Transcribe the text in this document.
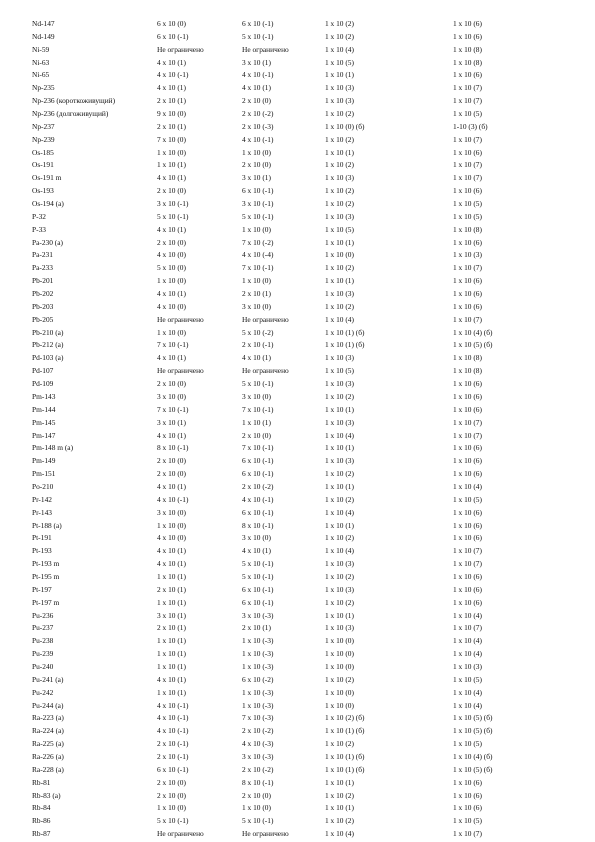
Nd-147	6 x 10 (0)	6 x 10 (-1)	1 x 10 (2)	1 x 10 (6)
Nd-149	6 x 10 (-1)	5 x 10 (-1)	1 x 10 (2)	1 x 10 (6)
Ni-59	Не ограничено	Не ограничено	1 x 10 (4)	1 x 10 (8)
Ni-63	4 x 10 (1)	3 x 10 (1)	1 x 10 (5)	1 x 10 (8)
Ni-65	4 x 10 (-1)	4 x 10 (-1)	1 x 10 (1)	1 x 10 (6)
Np-235	4 x 10 (1)	4 x 10 (1)	1 x 10 (3)	1 x 10 (7)
Np-236 (короткоживущий)	2 x 10 (1)	2 x 10 (0)	1 x 10 (3)	1 x 10 (7)
Np-236 (долгоживущий)	9 x 10 (0)	2 x 10 (-2)	1 x 10 (2)	1 x 10 (5)
Np-237	2 x 10 (1)	2 x 10 (-3)	1 x 10 (0) (б)	1-10 (3) (б)
Np-239	7 x 10 (0)	4 x 10 (-1)	1 x 10 (2)	1 x 10 (7)
Os-185	1 x 10 (0)	1 x 10 (0)	1 x 10 (1)	1 x 10 (6)
Os-191	1 x 10 (1)	2 x 10 (0)	1 x 10 (2)	1 x 10 (7)
Os-191 m	4 x 10 (1)	3 x 10 (1)	1 x 10 (3)	1 x 10 (7)
Os-193	2 x 10 (0)	6 x 10 (-1)	1 x 10 (2)	1 x 10 (6)
Os-194 (а)	3 x 10 (-1)	3 x 10 (-1)	1 x 10 (2)	1 x 10 (5)
P-32	5 x 10 (-1)	5 x 10 (-1)	1 x 10 (3)	1 x 10 (5)
P-33	4 x 10 (1)	1 x 10 (0)	1 x 10 (5)	1 x 10 (8)
Pa-230 (а)	2 x 10 (0)	7 x 10 (-2)	1 x 10 (1)	1 x 10 (6)
Pa-231	4 x 10 (0)	4 x 10 (-4)	1 x 10 (0)	1 x 10 (3)
Pa-233	5 x 10 (0)	7 x 10 (-1)	1 x 10 (2)	1 x 10 (7)
Pb-201	1 x 10 (0)	1 x 10 (0)	1 x 10 (1)	1 x 10 (6)
Pb-202	4 x 10 (1)	2 x 10 (1)	1 x 10 (3)	1 x 10 (6)
Pb-203	4 x 10 (0)	3 x 10 (0)	1 x 10 (2)	1 x 10 (6)
Pb-205	Не ограничено	Не ограничено	1 x 10 (4)	1 x 10 (7)
Pb-210 (а)	1 x 10 (0)	5 x 10 (-2)	1 x 10 (1) (б)	1 x 10 (4) (б)
Pb-212 (а)	7 x 10 (-1)	2 x 10 (-1)	1 x 10 (1) (б)	1 x 10 (5) (б)
Pd-103 (а)	4 x 10 (1)	4 x 10 (1)	1 x 10 (3)	1 x 10 (8)
Pd-107	Не ограничено	Не ограничено	1 x 10 (5)	1 x 10 (8)
Pd-109	2 x 10 (0)	5 x 10 (-1)	1 x 10 (3)	1 x 10 (6)
Pm-143	3 x 10 (0)	3 x 10 (0)	1 x 10 (2)	1 x 10 (6)
Pm-144	7 x 10 (-1)	7 x 10 (-1)	1 x 10 (1)	1 x 10 (6)
Pm-145	3 x 10 (1)	1 x 10 (1)	1 x 10 (3)	1 x 10 (7)
Pm-147	4 x 10 (1)	2 x 10 (0)	1 x 10 (4)	1 x 10 (7)
Pm-148 m (а)	8 x 10 (-1)	7 x 10 (-1)	1 x 10 (1)	1 x 10 (6)
Pm-149	2 x 10 (0)	6 x 10 (-1)	1 x 10 (3)	1 x 10 (6)
Pm-151	2 x 10 (0)	6 x 10 (-1)	1 x 10 (2)	1 x 10 (6)
Po-210	4 x 10 (1)	2 x 10 (-2)	1 x 10 (1)	1 x 10 (4)
Pr-142	4 x 10 (-1)	4 x 10 (-1)	1 x 10 (2)	1 x 10 (5)
Pr-143	3 x 10 (0)	6 x 10 (-1)	1 x 10 (4)	1 x 10 (6)
Pt-188 (а)	1 x 10 (0)	8 x 10 (-1)	1 x 10 (1)	1 x 10 (6)
Pt-191	4 x 10 (0)	3 x 10 (0)	1 x 10 (2)	1 x 10 (6)
Pt-193	4 x 10 (1)	4 x 10 (1)	1 x 10 (4)	1 x 10 (7)
Pt-193 m	4 x 10 (1)	5 x 10 (-1)	1 x 10 (3)	1 x 10 (7)
Pt-195 m	1 x 10 (1)	5 x 10 (-1)	1 x 10 (2)	1 x 10 (6)
Pt-197	2 x 10 (1)	6 x 10 (-1)	1 x 10 (3)	1 x 10 (6)
Pt-197 m	1 x 10 (1)	6 x 10 (-1)	1 x 10 (2)	1 x 10 (6)
Pu-236	3 x 10 (1)	3 x 10 (-3)	1 x 10 (1)	1 x 10 (4)
Pu-237	2 x 10 (1)	2 x 10 (1)	1 x 10 (3)	1 x 10 (7)
Pu-238	1 x 10 (1)	1 x 10 (-3)	1 x 10 (0)	1 x 10 (4)
Pu-239	1 x 10 (1)	1 x 10 (-3)	1 x 10 (0)	1 x 10 (4)
Pu-240	1 x 10 (1)	1 x 10 (-3)	1 x 10 (0)	1 x 10 (3)
Pu-241 (а)	4 x 10 (1)	6 x 10 (-2)	1 x 10 (2)	1 x 10 (5)
Pu-242	1 x 10 (1)	1 x 10 (-3)	1 x 10 (0)	1 x 10 (4)
Pu-244 (а)	4 x 10 (-1)	1 x 10 (-3)	1 x 10 (0)	1 x 10 (4)
Ra-223 (а)	4 x 10 (-1)	7 x 10 (-3)	1 x 10 (2) (б)	1 x 10 (5) (б)
Ra-224 (а)	4 x 10 (-1)	2 x 10 (-2)	1 x 10 (1) (б)	1 x 10 (5) (б)
Ra-225 (а)	2 x 10 (-1)	4 x 10 (-3)	1 x 10 (2)	1 x 10 (5)
Ra-226 (а)	2 x 10 (-1)	3 x 10 (-3)	1 x 10 (1) (б)	1 x 10 (4) (б)
Ra-228 (а)	6 x 10 (-1)	2 x 10 (-2)	1 x 10 (1) (б)	1 x 10 (5) (б)
Rb-81	2 x 10 (0)	8 x 10 (-1)	1 x 10 (1)	1 x 10 (6)
Rb-83 (а)	2 x 10 (0)	2 x 10 (0)	1 x 10 (2)	1 x 10 (6)
Rb-84	1 x 10 (0)	1 x 10 (0)	1 x 10 (1)	1 x 10 (6)
Rb-86	5 x 10 (-1)	5 x 10 (-1)	1 x 10 (2)	1 x 10 (5)
Rb-87	Не ограничено	Не ограничено	1 x 10 (4)	1 x 10 (7)
